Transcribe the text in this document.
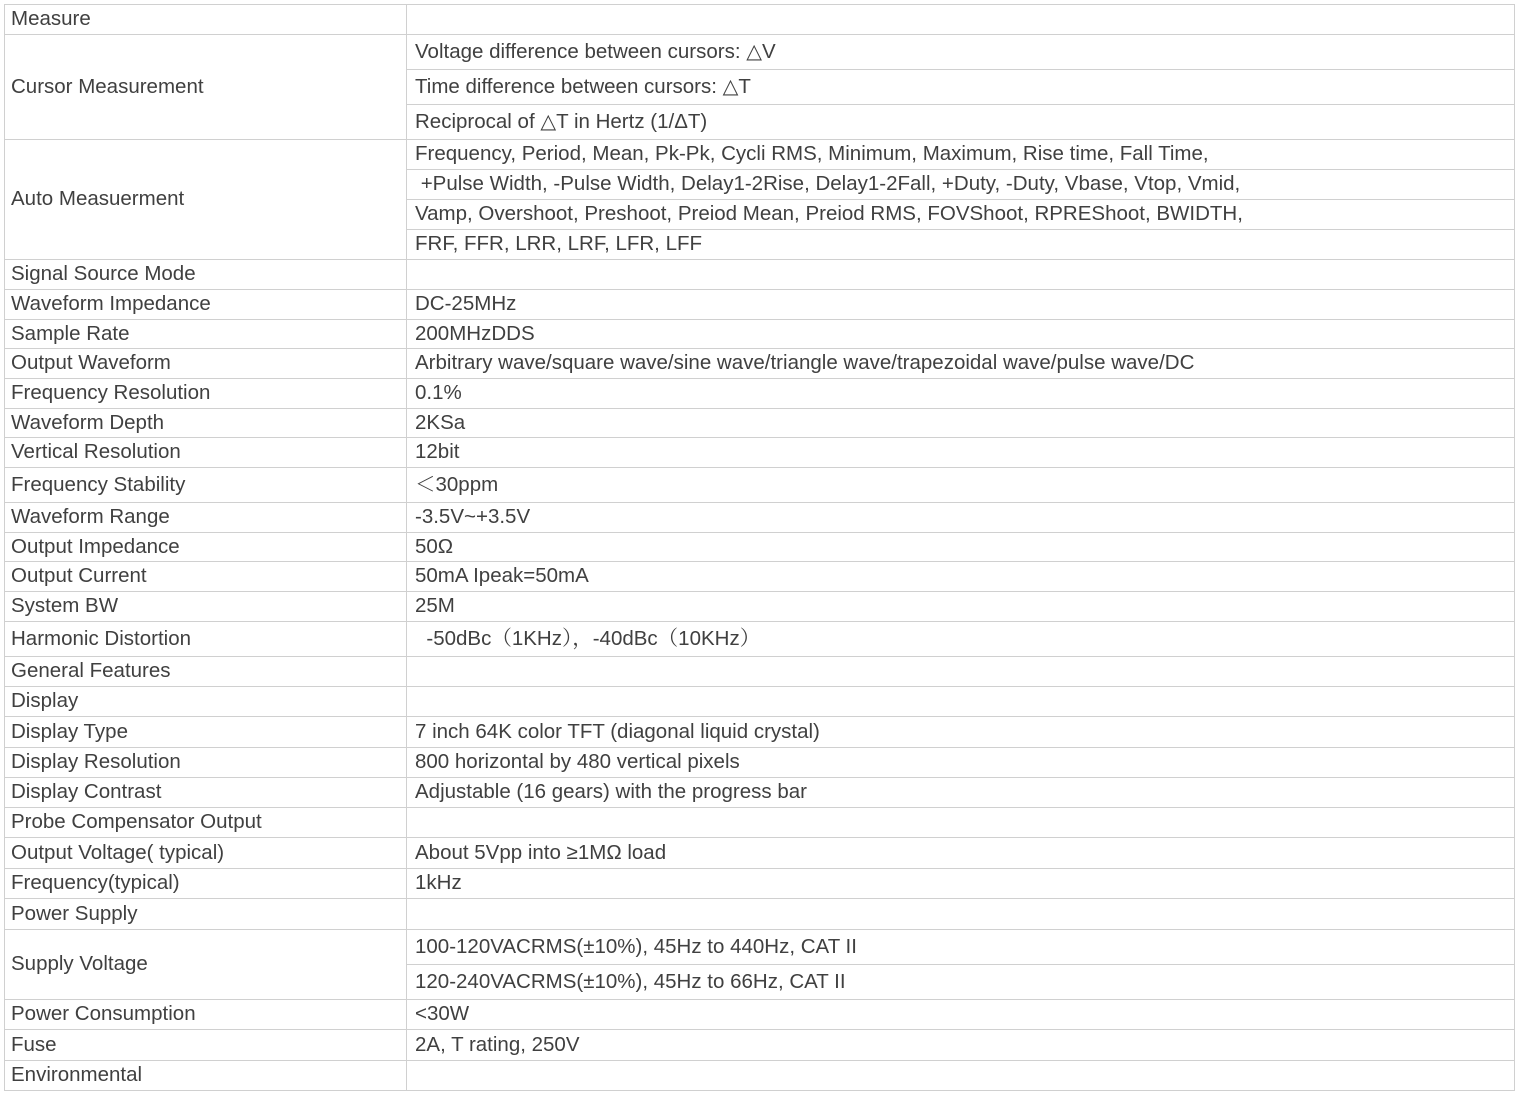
Measure	
Cursor Measurement	Voltage difference between cursors: △V
	Time difference between cursors: △T
	Reciprocal of △T in Hertz (1/ΔT)
Auto Measuerment	Frequency, Period, Mean, Pk-Pk, Cycli RMS, Minimum, Maximum, Rise time, Fall Time,
	+Pulse Width, -Pulse Width, Delay1-2Rise, Delay1-2Fall, +Duty, -Duty, Vbase, Vtop, Vmid,
	Vamp, Overshoot, Preshoot, Preiod Mean, Preiod RMS, FOVShoot, RPREShoot, BWIDTH,
	FRF, FFR, LRR, LRF, LFR, LFF
Signal Source Mode	
Waveform Impedance	DC-25MHz
Sample Rate	200MHzDDS
Output Waveform	Arbitrary wave/square wave/sine wave/triangle wave/trapezoidal wave/pulse wave/DC
Frequency Resolution	0.1%
Waveform Depth	2KSa
Vertical Resolution	12bit
Frequency Stability	＜30ppm
Waveform Range	-3.5V~+3.5V
Output Impedance	50Ω
Output Current	50mA Ipeak=50mA
System BW	25M
Harmonic Distortion	-50dBc（1KHz），-40dBc（10KHz）
General Features	
Display	
Display Type	7 inch 64K color TFT (diagonal liquid crystal)
Display Resolution	800 horizontal by 480 vertical pixels
Display Contrast	Adjustable (16 gears) with the progress bar
Probe Compensator Output	
Output Voltage( typical)	About 5Vpp into ≥1MΩ load
Frequency(typical)	1kHz
Power Supply	
Supply Voltage	100-120VACRMS(±10%), 45Hz to 440Hz, CAT II
	120-240VACRMS(±10%), 45Hz to 66Hz, CAT II
Power Consumption	<30W
Fuse	2A, T rating, 250V
Environmental	
